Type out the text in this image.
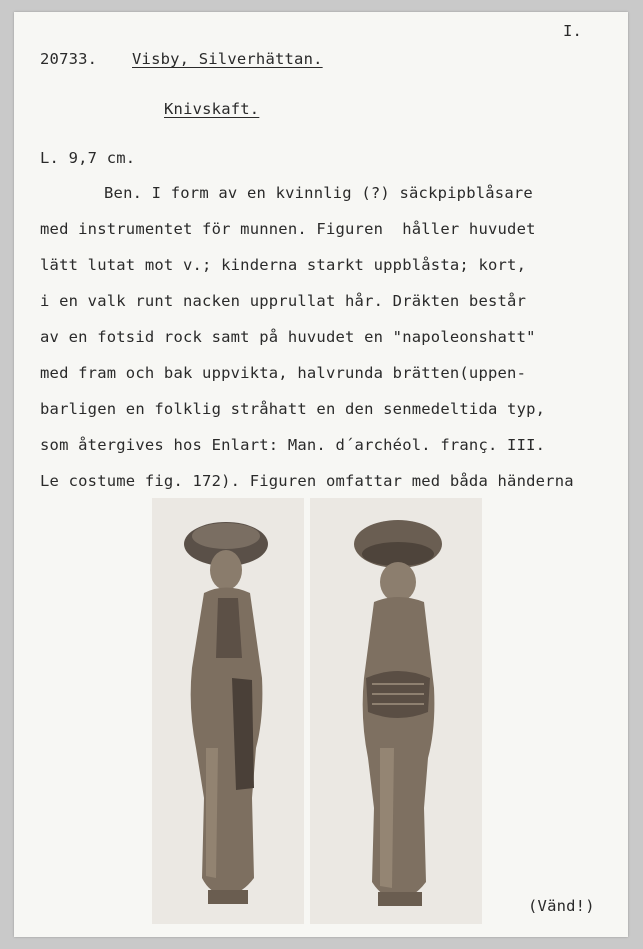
I.
20733. Visby, Silverhättan.
Knivskaft.
L. 9,7 cm.
Ben. I form av en kvinnlig (?) säckpipblåsare
med instrumentet för munnen. Figuren  håller huvudet
lätt lutat mot v.; kinderna starkt uppblåsta; kort,
i en valk runt nacken upprullat hår. Dräkten består
av en fotsid rock samt på huvudet en "napoleonshatt"
med fram och bak uppvikta, halvrunda brätten(uppen-
barligen en folklig stråhatt en den senmedeltida typ,
som återgives hos Enlart: Man. d´archéol. franç. III.
Le costume fig. 172). Figuren omfattar med båda händerna
(Vänd!)
